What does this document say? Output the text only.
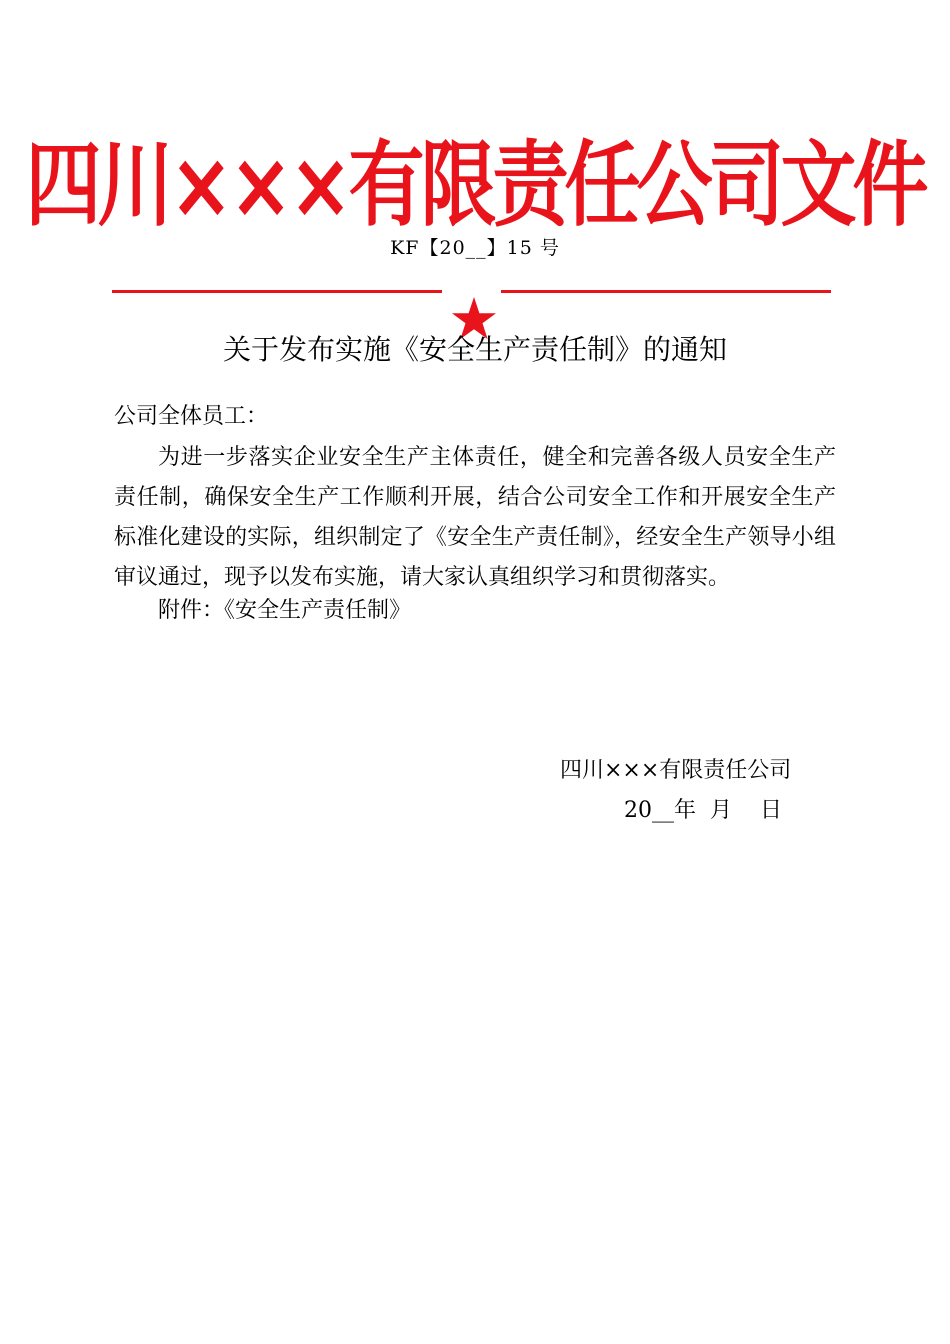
四川×××有限责任公司文件
KF【20__】15 号
关于发布实施《安全生产责任制》的通知
公司全体员工：
为进一步落实企业安全生产主体责任，健全和完善各级人员安全生产责任制，确保安全生产工作顺利开展，结合公司安全工作和开展安全生产标准化建设的实际，组织制定了《安全生产责任制》，经安全生产领导小组审议通过，现予以发布实施，请大家认真组织学习和贯彻落实。
附件：《安全生产责任制》
四川×××有限责任公司
20__年  月    日
